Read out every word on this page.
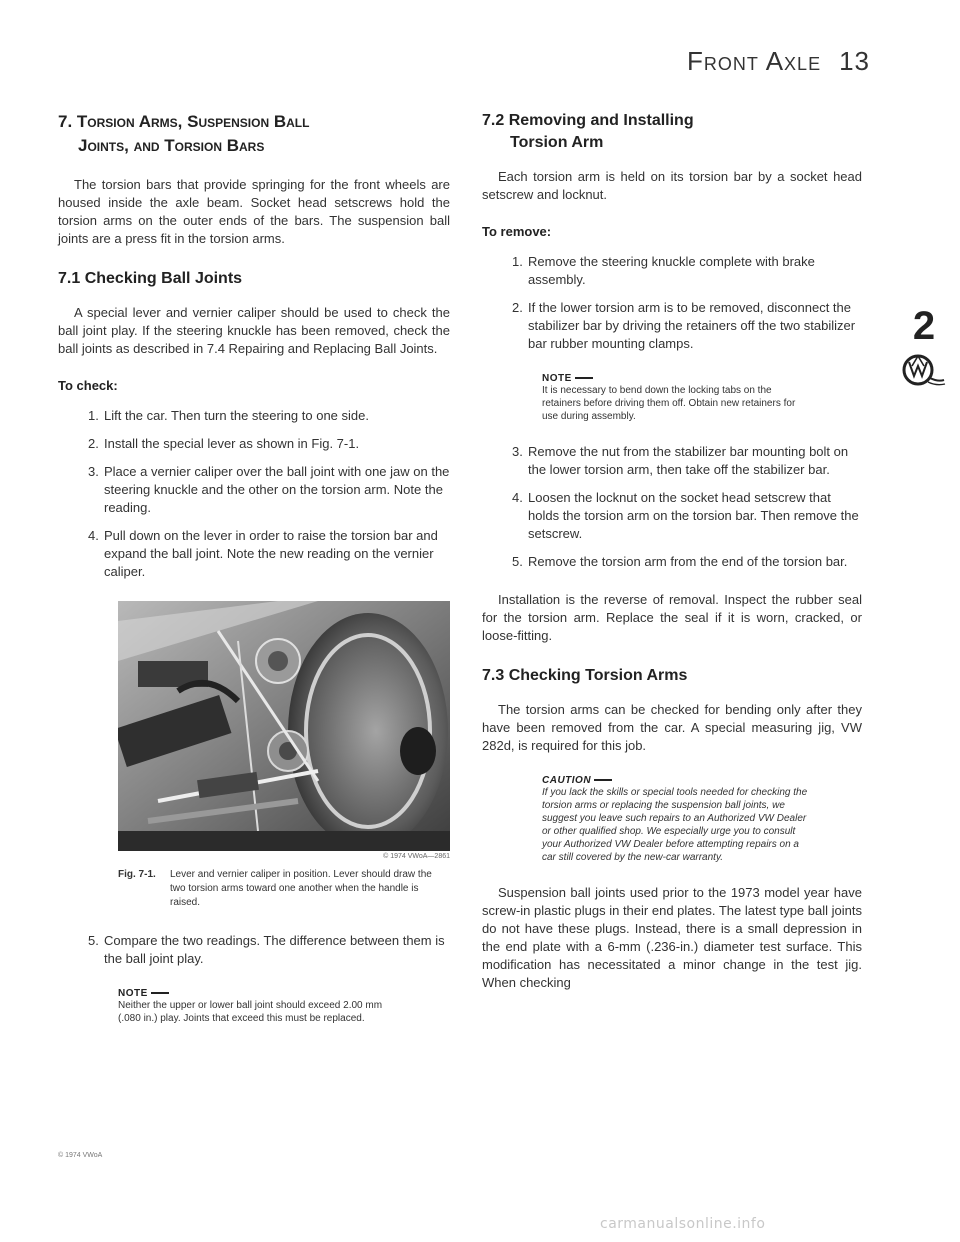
Front Axle 13
2
7. Torsion Arms, Suspension Ball
Joints, and Torsion Bars

The torsion bars that provide springing for the front wheels are housed inside the axle beam. Socket head setscrews hold the torsion arms on the outer ends of the bars. The suspension ball joints are a press fit in the torsion arms.

7.1 Checking Ball Joints

A special lever and vernier caliper should be used to check the ball joint play. If the steering knuckle has been removed, check the ball joints as described in 7.4 Repairing and Replacing Ball Joints.

To check:

1. Lift the car. Then turn the steering to one side.
2. Install the special lever as shown in Fig. 7-1.
3. Place a vernier caliper over the ball joint with one jaw on the steering knuckle and the other on the torsion arm. Note the reading.
4. Pull down on the lever in order to raise the torsion bar and expand the ball joint. Note the new reading on the vernier caliper.
© 1974 VWoA—2861
Fig. 7-1. Lever and vernier caliper in position. Lever should draw the two torsion arms toward one another when the handle is raised.
5. Compare the two readings. The difference between them is the ball joint play.
NOTE
Neither the upper or lower ball joint should exceed 2.00 mm (.080 in.) play. Joints that exceed this must be replaced.
© 1974 VWoA
7.2 Removing and Installing
Torsion Arm

Each torsion arm is held on its torsion bar by a socket head setscrew and locknut.

To remove:

1. Remove the steering knuckle complete with brake assembly.
2. If the lower torsion arm is to be removed, disconnect the stabilizer bar by driving the retainers off the two stabilizer bar rubber mounting clamps.
NOTE
It is necessary to bend down the locking tabs on the retainers before driving them off. Obtain new retainers for use during assembly.
3. Remove the nut from the stabilizer bar mounting bolt on the lower torsion arm, then take off the stabilizer bar.
4. Loosen the locknut on the socket head setscrew that holds the torsion arm on the torsion bar. Then remove the setscrew.
5. Remove the torsion arm from the end of the torsion bar.

Installation is the reverse of removal. Inspect the rubber seal for the torsion arm. Replace the seal if it is worn, cracked, or loose-fitting.

7.3 Checking Torsion Arms

The torsion arms can be checked for bending only after they have been removed from the car. A special measuring jig, VW 282d, is required for this job.

CAUTION
If you lack the skills or special tools needed for checking the torsion arms or replacing the suspension ball joints, we suggest you leave such repairs to an Authorized VW Dealer or other qualified shop. We especially urge you to consult your Authorized VW Dealer before attempting repairs on a car still covered by the new-car warranty.

Suspension ball joints used prior to the 1973 model year have screw-in plastic plugs in their end plates. The latest type ball joints do not have these plugs. Instead, there is a small depression in the end plate with a 6-mm (.236-in.) diameter test surface. This modification has necessitated a minor change in the test jig. When checking

carmanualsonline.info
